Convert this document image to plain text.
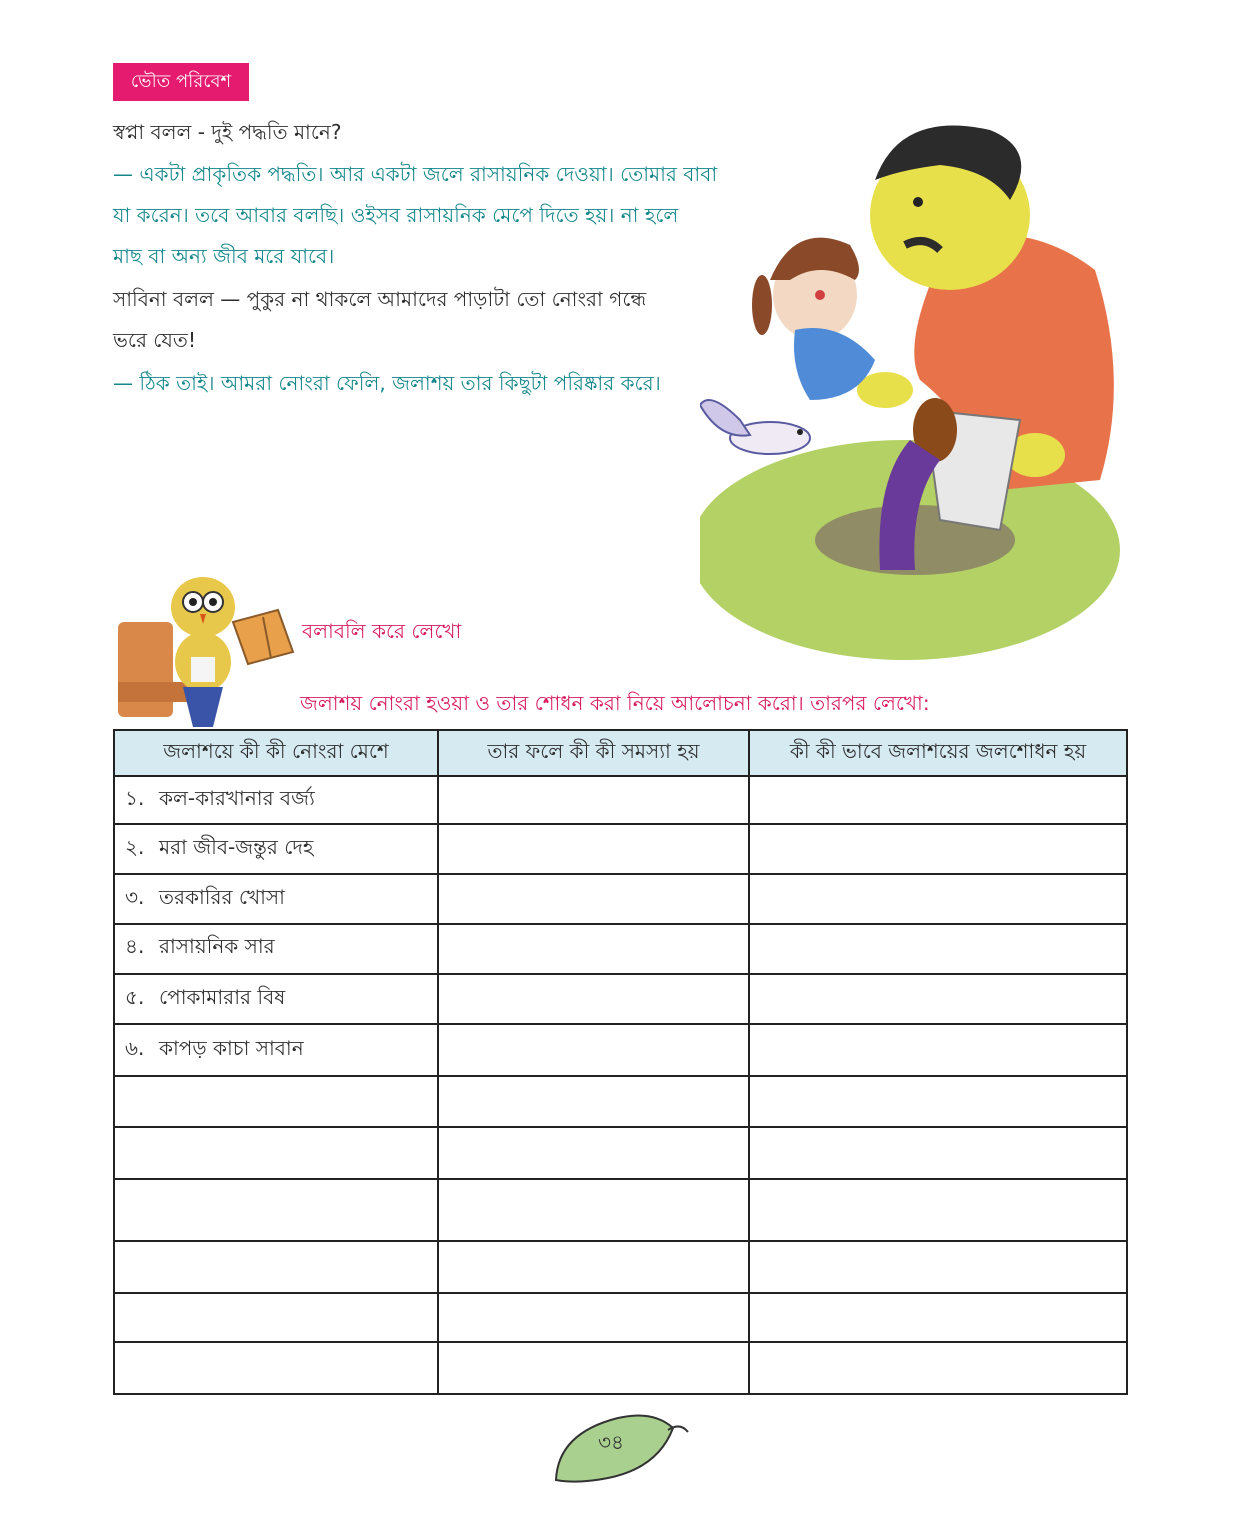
ভৌত পরিবেশ
স্বপ্না বলল - দুই পদ্ধতি মানে?
— একটা প্রাকৃতিক পদ্ধতি। আর একটা জলে রাসায়নিক দেওয়া। তোমার বাবা
যা করেন। তবে আবার বলছি। ওইসব রাসায়নিক মেপে দিতে হয়। না হলে
মাছ বা অন্য জীব মরে যাবে।
সাবিনা বলল — পুকুর না থাকলে আমাদের পাড়াটা তো নোংরা গন্ধে
ভরে যেত!
— ঠিক তাই। আমরা নোংরা ফেলি, জলাশয় তার কিছুটা পরিষ্কার করে।
বলাবলি করে লেখো
জলাশয় নোংরা হওয়া ও তার শোধন করা নিয়ে আলোচনা করো। তারপর লেখো:
জলাশয়ে কী কী নোংরা মেশে	তার ফলে কী কী সমস্যা হয়	কী কী ভাবে জলাশয়ের জলশোধন হয়
১. কল-কারখানার বর্জ্য		
২. মরা জীব-জন্তুর দেহ		
৩. তরকারির খোসা		
৪. রাসায়নিক সার		
৫. পোকামারার বিষ		
৬. কাপড় কাচা সাবান		

৩৪
